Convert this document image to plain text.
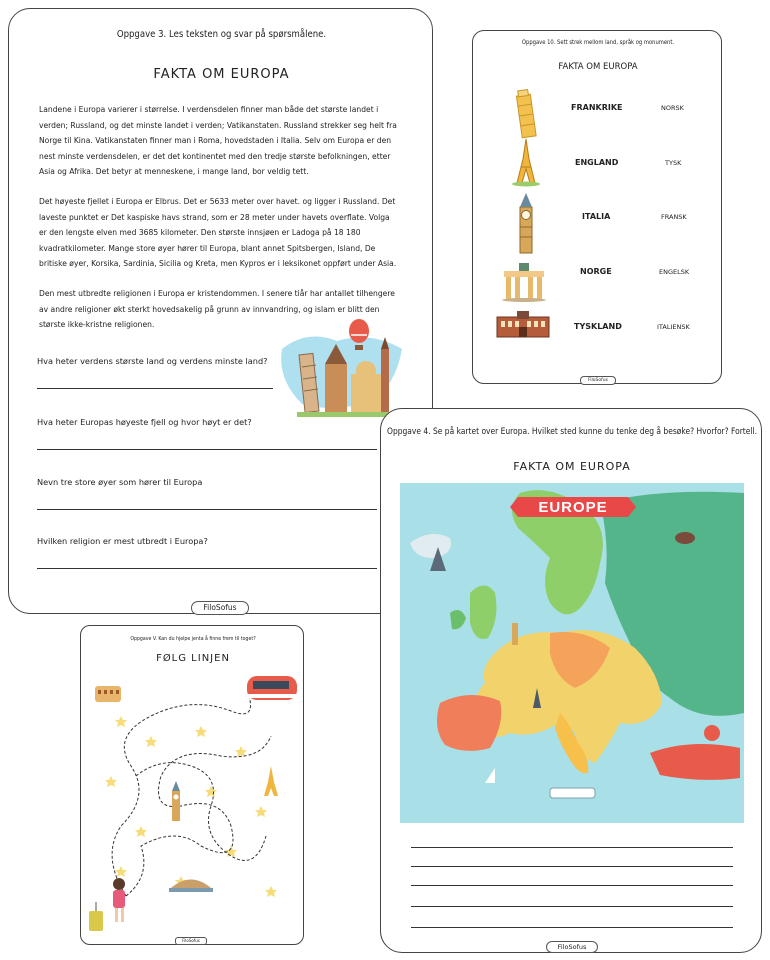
Oppgave 3. Les teksten og svar på spørsmålene.
FAKTA OM EUROPA
Landene i Europa varierer i størrelse. I verdensdelen finner man både det største landet i
verden; Russland, og det minste landet i verden; Vatikanstaten. Russland strekker seg helt fra
Norge til Kina. Vatikanstaten finner man i Roma, hovedstaden i Italia. Selv om Europa er den
nest minste verdensdelen, er det det kontinentet med den tredje største befolkningen, etter
Asia og Afrika. Det betyr at menneskene, i mange land, bor veldig tett.
Det høyeste fjellet i Europa er Elbrus. Det er 5633 meter over havet. og ligger i Russland. Det
laveste punktet er Det kaspiske havs strand, som er 28 meter under havets overflate. Volga
er den lengste elven med 3685 kilometer. Den største innsjøen er Ladoga på 18 180
kvadratkilometer. Mange store øyer hører til Europa, blant annet Spitsbergen, Island, De
britiske øyer, Korsika, Sardinia, Sicilia og Kreta, men Kypros er i leksikonet oppført under Asia.
Den mest utbredte religionen i Europa er kristendommen. I senere tiår har antallet tilhengere
av andre religioner økt sterkt hovedsakelig på grunn av innvandring, og islam er blitt den
største ikke-kristne religionen.
Hva heter verdens største land og verdens minste land?
Hva heter Europas høyeste fjell og hvor høyt er det?
Nevn tre store øyer som hører til Europa
Hvilken religion er mest utbredt i Europa?
FiloSofus
Oppgave 10. Sett strek mellom land, språk og monument.
FAKTA OM EUROPA
FRANKRIKE
ENGLAND
ITALIA
NORGE
TYSKLAND
NORSK
TYSK
FRANSK
ENGELSK
ITALIENSK
FiloSofus
Oppgave 4. Se på kartet over Europa. Hvilket sted kunne du tenke deg å besøke? Hvorfor? Fortell.
FAKTA OM EUROPA
EUROPE
FiloSofus
Oppgave V. Kan du hjelpe jenta å finne frem til toget?
FØLG LINJEN
FiloSofus
